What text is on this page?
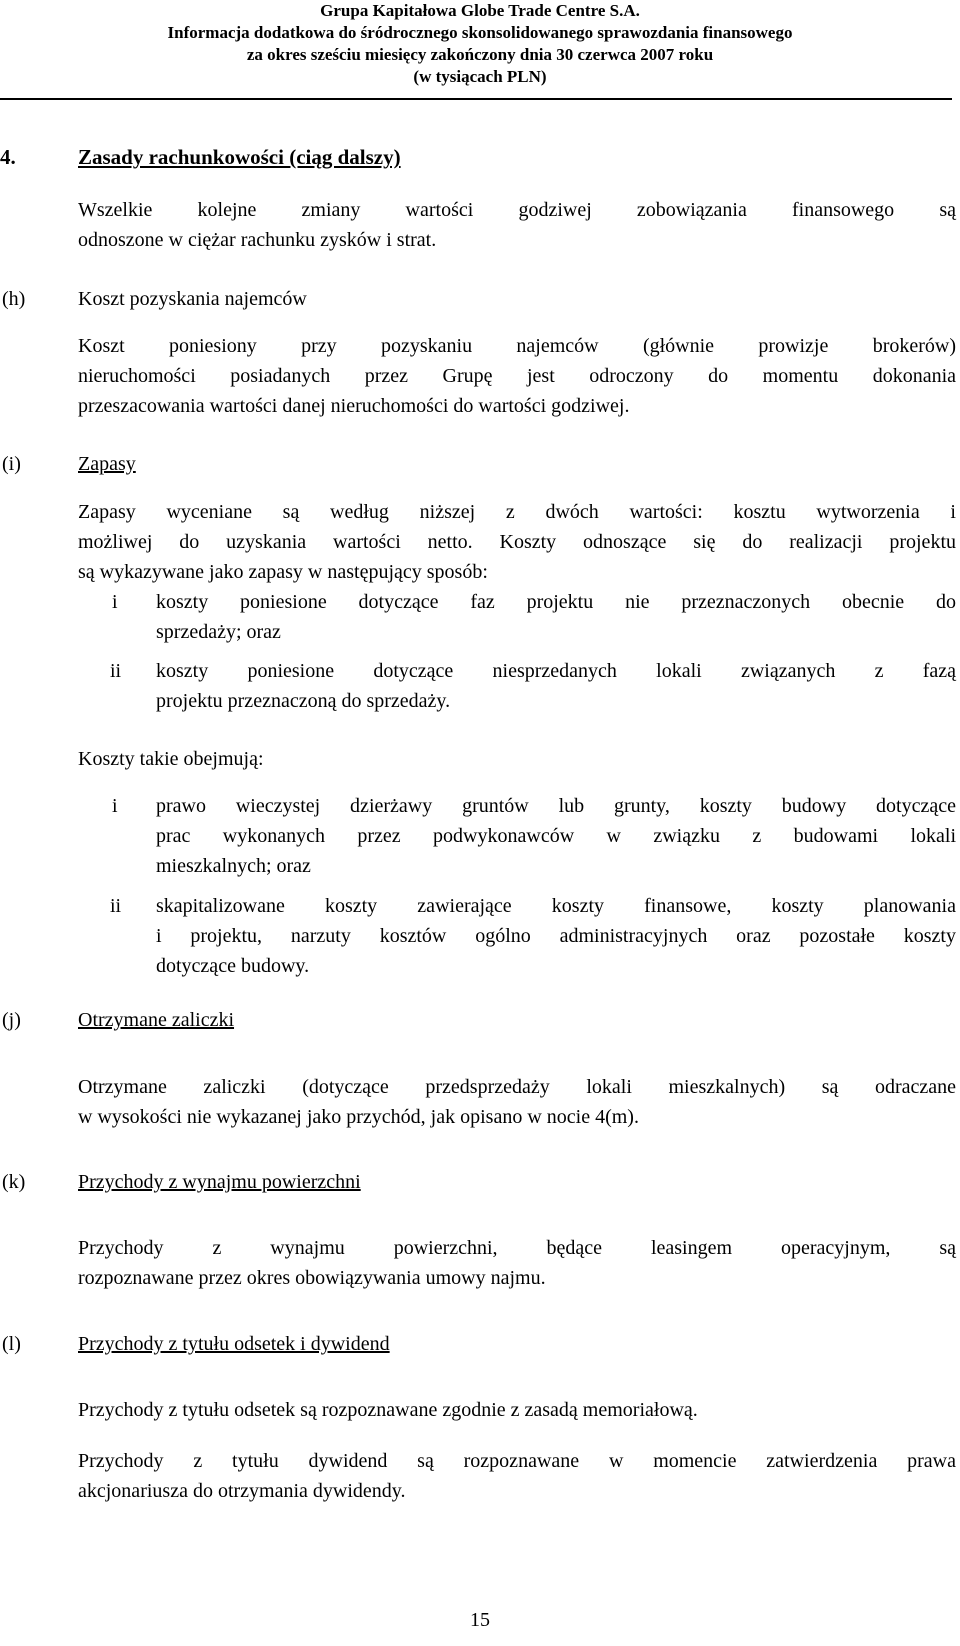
Grupa Kapitałowa Globe Trade Centre S.A.
Informacja dodatkowa do śródrocznego skonsolidowanego sprawozdania finansowego
za okres sześciu miesięcy zakończony dnia 30 czerwca 2007 roku
(w tysiącach PLN)
4.	Zasady rachunkowości (ciąg dalszy)
Wszelkie kolejne zmiany wartości godziwej zobowiązania finansowego są
odnoszone w ciężar rachunku zysków i strat.
(h)	Koszt pozyskania najemców
Koszt poniesiony przy pozyskaniu najemców (głównie prowizje brokerów)
nieruchomości posiadanych przez Grupę jest odroczony do momentu dokonania
przeszacowania wartości danej nieruchomości do wartości godziwej.
(i)	Zapasy
Zapasy wyceniane są według niższej z dwóch wartości: kosztu wytworzenia i
możliwej do uzyskania wartości netto. Koszty odnoszące się do realizacji projektu
są wykazywane jako zapasy w następujący sposób:
i koszty poniesione dotyczące faz projektu nie przeznaczonych obecnie do
sprzedaży; oraz
ii koszty poniesione dotyczące niesprzedanych lokali związanych z fazą
projektu przeznaczoną do sprzedaży.
Koszty takie obejmują:
i prawo wieczystej dzierżawy gruntów lub grunty, koszty budowy dotyczące
prac wykonanych przez podwykonawców w związku z budowami lokali
mieszkalnych; oraz
ii skapitalizowane koszty zawierające koszty finansowe, koszty planowania
i projektu, narzuty kosztów ogólno administracyjnych oraz pozostałe koszty
dotyczące budowy.
(j)	Otrzymane zaliczki
Otrzymane zaliczki (dotyczące przedsprzedaży lokali mieszkalnych) są odraczane
w wysokości nie wykazanej jako przychód, jak opisano w nocie 4(m).
(k)	Przychody z wynajmu powierzchni
Przychody z wynajmu powierzchni, będące leasingem operacyjnym, są
rozpoznawane przez okres obowiązywania umowy najmu.
(l)	Przychody z tytułu odsetek i dywidend
Przychody z tytułu odsetek są rozpoznawane zgodnie z zasadą memoriałową.
Przychody z tytułu dywidend są rozpoznawane w momencie zatwierdzenia prawa
akcjonariusza do otrzymania dywidendy.
15
